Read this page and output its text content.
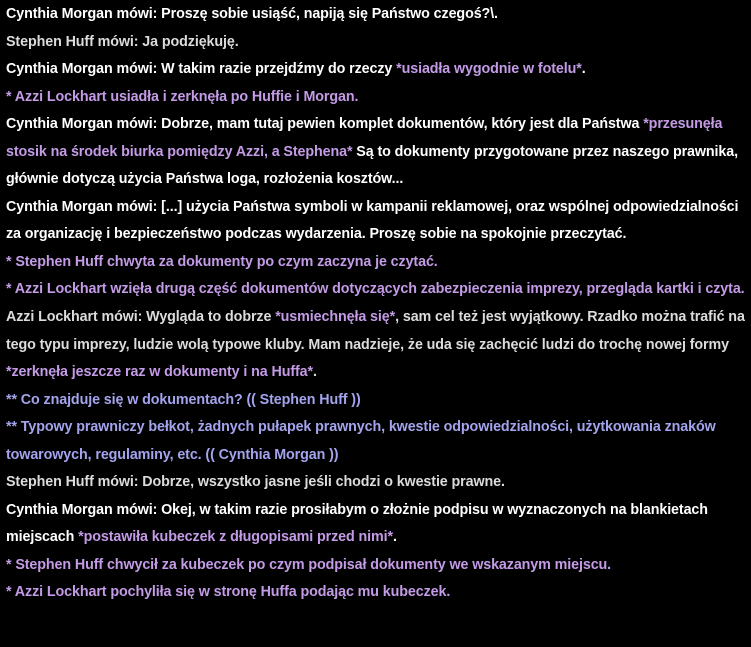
Cynthia Morgan mówi: Proszę sobie usiąść, napiją się Państwo czegoś?\.
Stephen Huff mówi: Ja podziękuję.
Cynthia Morgan mówi: W takim razie przejdźmy do rzeczy *usiadła wygodnie w fotelu*.
* Azzi Lockhart usiadła i zerknęła po Huffie i Morgan.
Cynthia Morgan mówi: Dobrze, mam tutaj pewien komplet dokumentów, który jest dla Państwa *przesunęła stosik na środek biurka pomiędzy Azzi, a Stephena* Są to dokumenty przygotowane przez naszego prawnika, głównie dotyczą użycia Państwa loga, rozłożenia kosztów...
Cynthia Morgan mówi: [...] użycia Państwa symboli w kampanii reklamowej, oraz wspólnej odpowiedzialności za organizację i bezpieczeństwo podczas wydarzenia. Proszę sobie na spokojnie przeczytać.
* Stephen Huff chwyta za dokumenty po czym zaczyna je czytać.
* Azzi Lockhart wzięła drugą część dokumentów dotyczących zabezpieczenia imprezy, przegląda kartki i czyta.
Azzi Lockhart mówi: Wygląda to dobrze *usmiechnęła się*, sam cel też jest wyjątkowy. Rzadko można trafić na tego typu imprezy, ludzie wolą typowe kluby. Mam nadzieje, że uda się zachęcić ludzi do trochę nowej formy *zerknęła jeszcze raz w dokumenty i na Huffa*.
** Co znajduje się w dokumentach? (( Stephen Huff ))
** Typowy prawniczy bełkot, żadnych pułapek prawnych, kwestie odpowiedzialności, użytkowania znaków towarowych, regulaminy, etc. (( Cynthia Morgan ))
Stephen Huff mówi: Dobrze, wszystko jasne jeśli chodzi o kwestie prawne.
Cynthia Morgan mówi: Okej, w takim razie prosiłabym o złożnie podpisu w wyznaczonych na blankietach miejscach *postawiła kubeczek z długopisami przed nimi*.
* Stephen Huff chwycił za kubeczek po czym podpisał dokumenty we wskazanym miejscu.
* Azzi Lockhart pochyliła się w stronę Huffa podając mu kubeczek.
